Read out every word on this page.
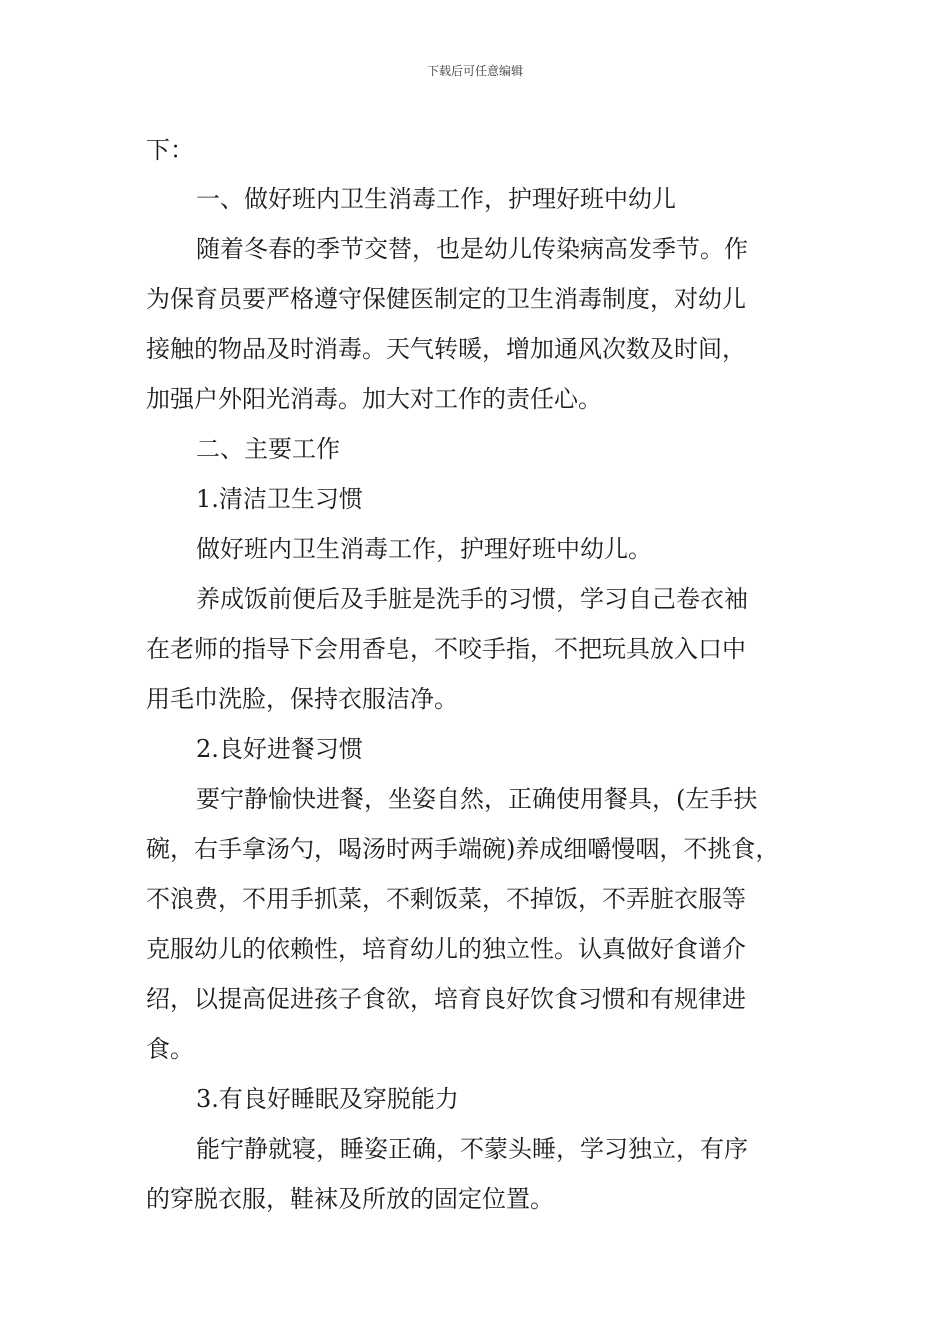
下载后可任意编辑
下：
一、做好班内卫生消毒工作，护理好班中幼儿
随着冬春的季节交替，也是幼儿传染病高发季节。作
为保育员要严格遵守保健医制定的卫生消毒制度，对幼儿
接触的物品及时消毒。天气转暖，增加通风次数及时间，
加强户外阳光消毒。加大对工作的责任心。
二、主要工作
1.清洁卫生习惯
做好班内卫生消毒工作，护理好班中幼儿。
养成饭前便后及手脏是洗手的习惯，学习自己卷衣袖
在老师的指导下会用香皂，不咬手指，不把玩具放入口中
用毛巾洗脸，保持衣服洁净。
2.良好进餐习惯
要宁静愉快进餐，坐姿自然，正确使用餐具，(左手扶
碗，右手拿汤勺，喝汤时两手端碗)养成细嚼慢咽，不挑食，
不浪费，不用手抓菜，不剩饭菜，不掉饭，不弄脏衣服等
克服幼儿的依赖性，培育幼儿的独立性。认真做好食谱介
绍，以提高促进孩子食欲，培育良好饮食习惯和有规律进
食。
3.有良好睡眠及穿脱能力
能宁静就寝，睡姿正确，不蒙头睡，学习独立，有序
的穿脱衣服，鞋袜及所放的固定位置。
